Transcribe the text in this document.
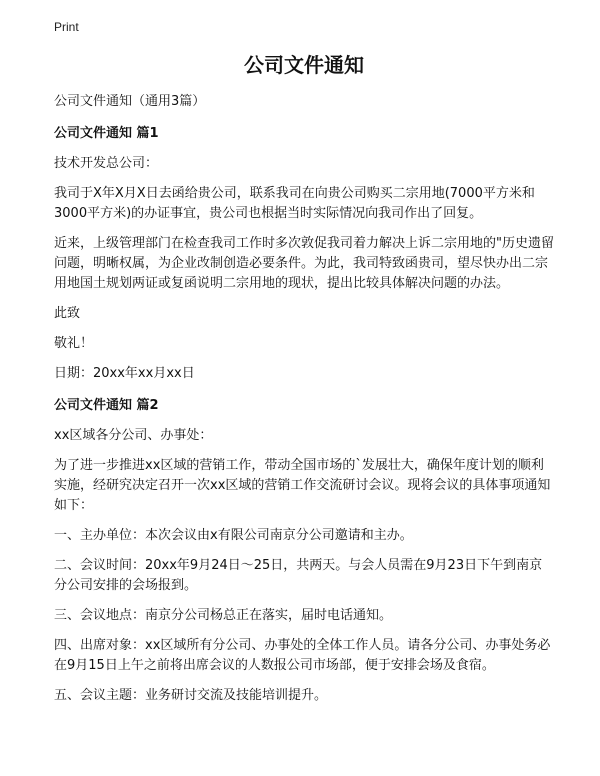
Print
公司文件通知
公司文件通知（通用3篇）
公司文件通知 篇1

技术开发总公司：

我司于X年X月X日去函给贵公司，联系我司在向贵公司购买二宗用地(7000平方米和3000平方米)的办证事宜，贵公司也根据当时实际情况向我司作出了回复。

近来，上级管理部门在检查我司工作时多次敦促我司着力解决上诉二宗用地的"历史遗留问题，明晰权属，为企业改制创造必要条件。为此，我司特致函贵司，望尽快办出二宗用地国土规划两证或复函说明二宗用地的现状，提出比较具体解决问题的办法。

此致

敬礼！

日期：20xx年xx月xx日

公司文件通知 篇2

xx区域各分公司、办事处：

为了进一步推进xx区域的营销工作，带动全国市场的`发展壮大，确保年度计划的顺利实施，经研究决定召开一次xx区域的营销工作交流研讨会议。现将会议的具体事项通知如下：

一、主办单位：本次会议由x有限公司南京分公司邀请和主办。

二、会议时间：20xx年9月24日～25日，共两天。与会人员需在9月23日下午到南京分公司安排的会场报到。

三、会议地点：南京分公司杨总正在落实，届时电话通知。

四、出席对象：xx区域所有分公司、办事处的全体工作人员。请各分公司、办事处务必在9月15日上午之前将出席会议的人数报公司市场部，便于安排会场及食宿。

五、会议主题：业务研讨交流及技能培训提升。
